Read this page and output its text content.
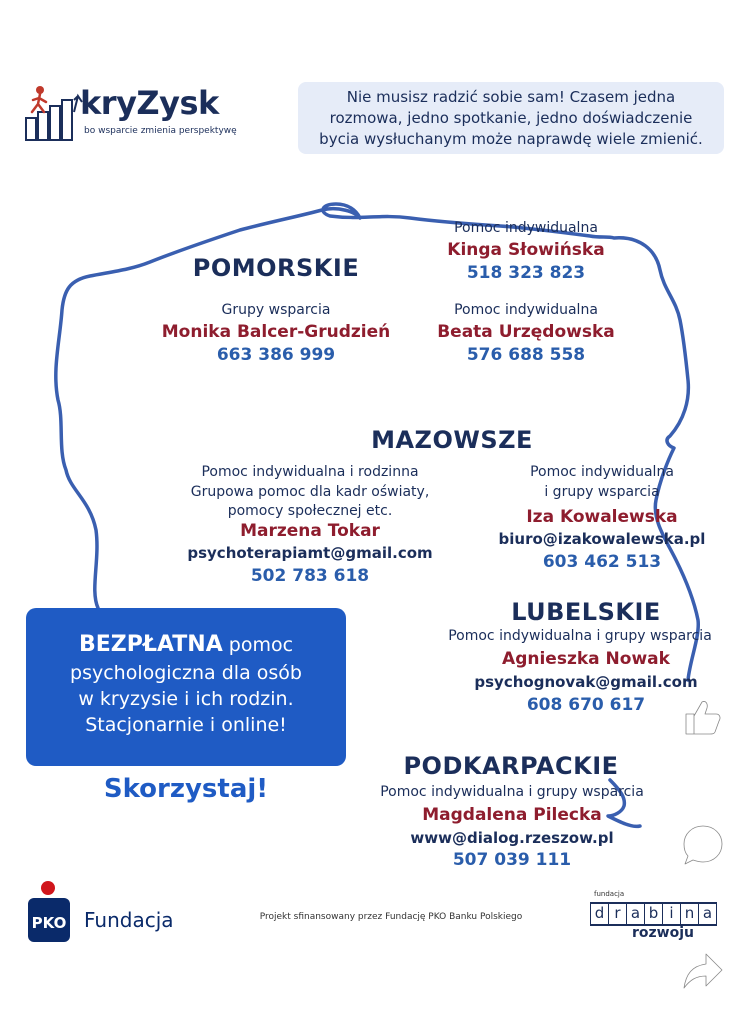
kryZysk
bo wsparcie zmienia perspektywę
Nie musisz radzić sobie sam! Czasem jedna
rozmowa, jedno spotkanie, jedno doświadczenie
bycia wysłuchanym może naprawdę wiele zmienić.
POMORSKIE
Pomoc indywidualna
Kinga Słowińska
518 323 823
Grupy wsparcia
Monika Balcer-Grudzień
663 386 999
Pomoc indywidualna
Beata Urzędowska
576 688 558
MAZOWSZE
Pomoc indywidualna i rodzinna
Grupowa pomoc dla kadr oświaty,
pomocy społecznej etc.
Marzena Tokar
psychoterapiamt@gmail.com
502 783 618
Pomoc indywidualna
i grupy wsparcia
Iza Kowalewska
biuro@izakowalewska.pl
603 462 513
LUBELSKIE
Pomoc indywidualna i grupy wsparcia
Agnieszka Nowak
psychognovak@gmail.com
608 670 617
PODKARPACKIE
Pomoc indywidualna i grupy wsparcia
Magdalena Pilecka
www@dialog.rzeszow.pl
507 039 111
BEZPŁATNA pomoc
psychologiczna dla osób
w kryzysie i ich rodzin.
Stacjonarnie i online!
Skorzystaj!
PKO Fundacja	Projekt sfinansowany przez Fundację PKO Banku Polskiego
fundacja
d r a b i n a
rozwoju
